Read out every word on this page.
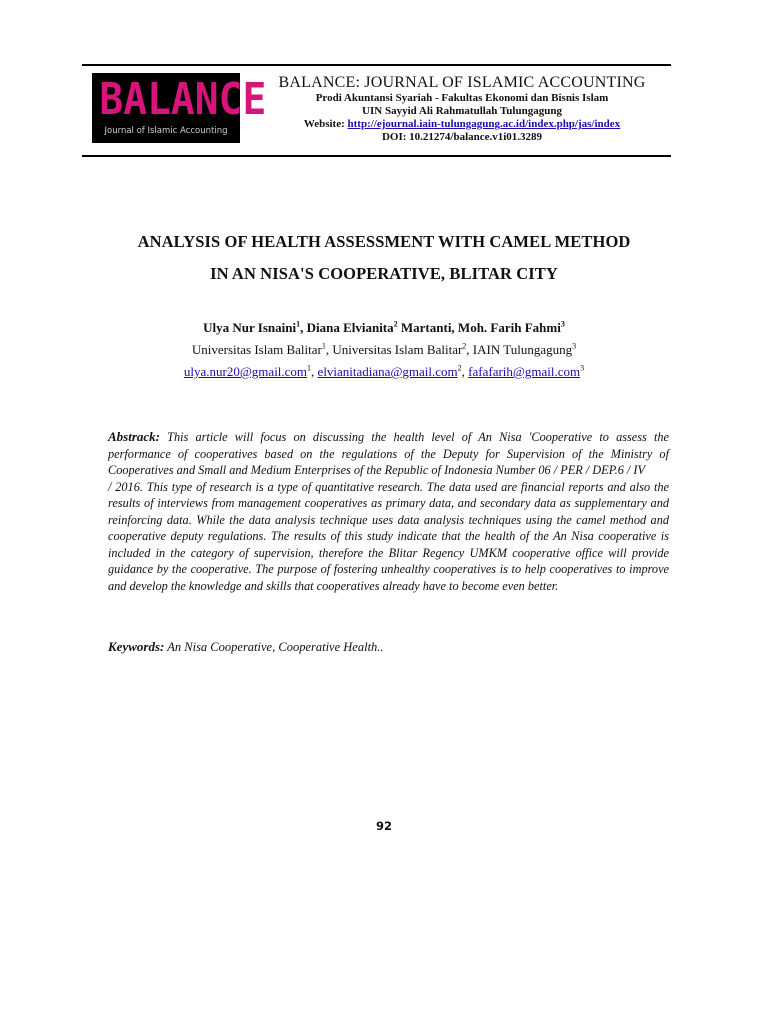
BALANCE
Journal of Islamic Accounting
BALANCE: JOURNAL OF ISLAMIC ACCOUNTING
Prodi Akuntansi Syariah - Fakultas Ekonomi dan Bisnis Islam
UIN Sayyid Ali Rahmatullah Tulungagung
Website: http://ejournal.iain-tulungagung.ac.id/index.php/jas/index
DOI: 10.21274/balance.v1i01.3289
ANALYSIS OF HEALTH ASSESSMENT WITH CAMEL METHOD
IN AN NISA'S COOPERATIVE, BLITAR CITY
Ulya Nur Isnaini$^1$, Diana Elvianita$^2$ Martanti, Moh. Farih Fahmi$^3$
Universitas Islam Balitar$^1$, Universitas Islam Balitar$^2$, IAIN Tulungagung$^3$
ulya.nur20@gmail.com$^1$, elvianitadiana@gmail.com$^2$, fafafarih@gmail.com$^3$
Abstrack: This article will focus on discussing the health level of An Nisa 'Cooperative to assess the performance of cooperatives based on the regulations of the Deputy for Supervision of the Ministry of Cooperatives and Small and Medium Enterprises of the Republic of Indonesia Number 06 / PER / DEP.6 / IV
/ 2016. This type of research is a type of quantitative research. The data used are financial reports and also the results of interviews from management cooperatives as primary data, and secondary data as supplementary and reinforcing data. While the data analysis technique uses data analysis techniques using the camel method and cooperative deputy regulations. The results of this study indicate that the health of the An Nisa cooperative is included in the category of supervision, therefore the Blitar Regency UMKM cooperative office will provide guidance by the cooperative. The purpose of fostering unhealthy cooperatives is to help cooperatives to improve and develop the knowledge and skills that cooperatives already have to become even better.
Keywords: An Nisa Cooperative, Cooperative Health..
92
